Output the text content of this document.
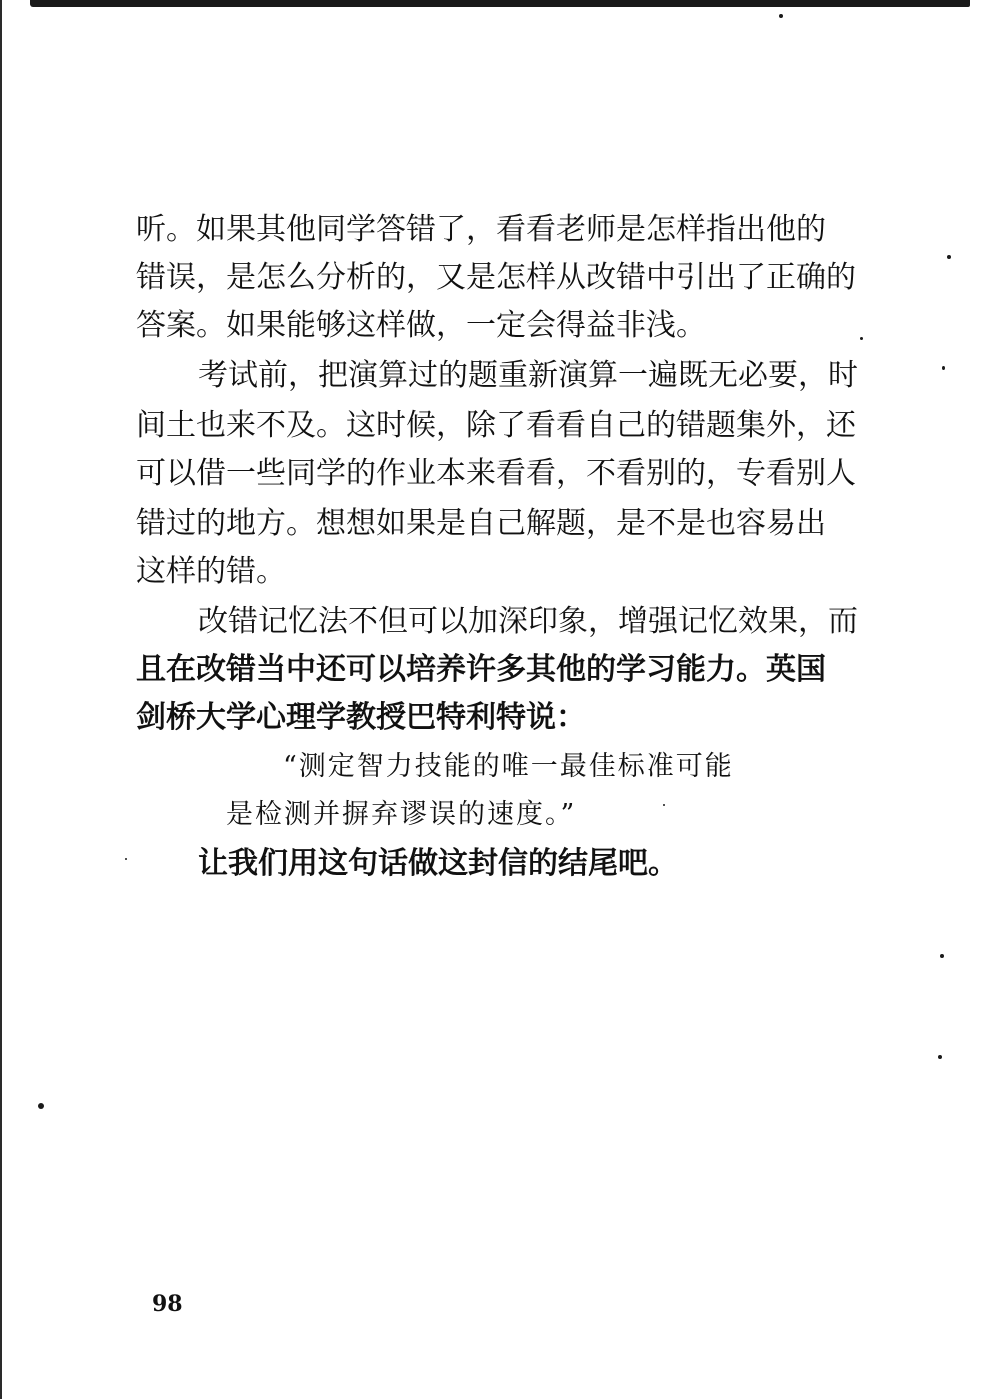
听。如果其他同学答错了，看看老师是怎样指出他的

错误，是怎么分析的，又是怎样从改错中引出了正确的

答案。如果能够这样做，一定会得益非浅。

考试前，把演算过的题重新演算一遍既无必要，时

间土也来不及。这时候，除了看看自己的错题集外，还

可以借一些同学的作业本来看看，不看别的，专看别人

错过的地方。想想如果是自己解题，是不是也容易出

这样的错。

改错记忆法不但可以加深印象，增强记忆效果，而

且在改错当中还可以培养许多其他的学习能力。英国

剑桥大学心理学教授巴特利特说：

“测定智力技能的唯一最佳标准可能

是检测并摒弃谬误的速度。”

让我们用这句话做这封信的结尾吧。

98
